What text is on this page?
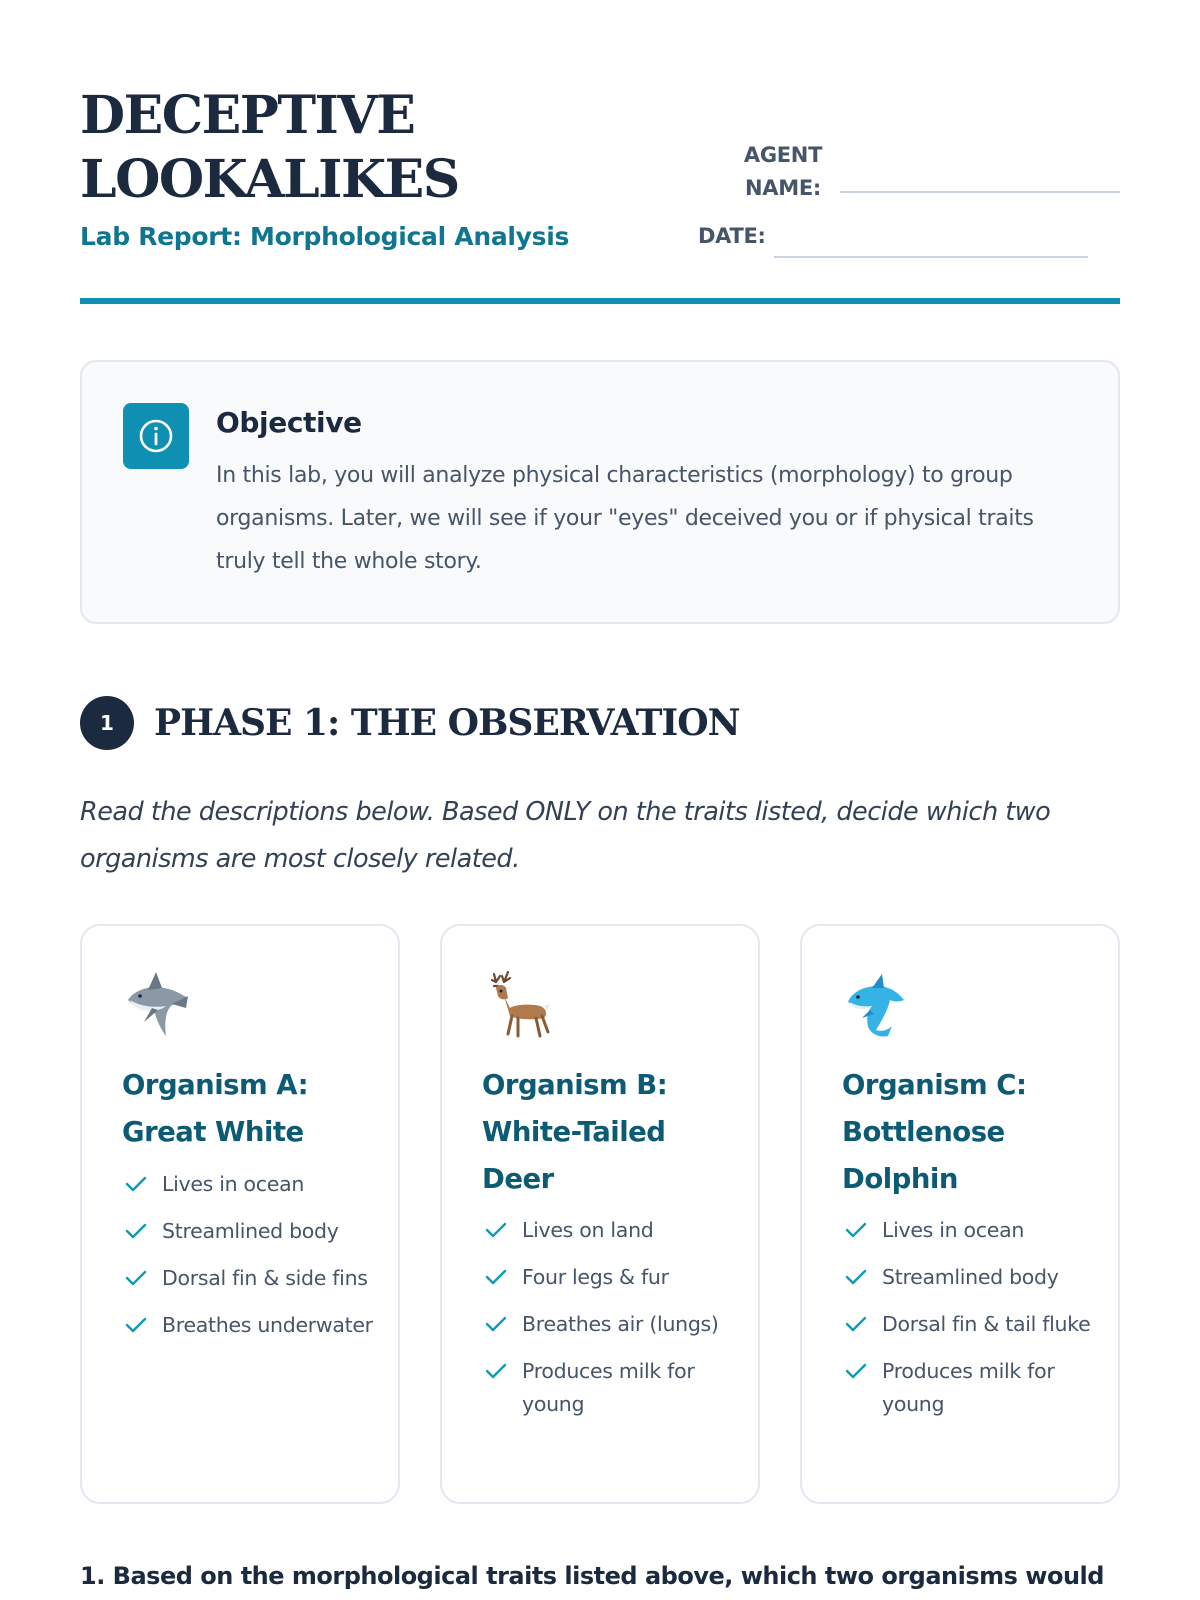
DECEPTIVE
LOOKALIKES
Lab Report: Morphological Analysis
AGENT
NAME:
DATE:
Objective

In this lab, you will analyze physical characteristics (morphology) to group organisms. Later, we will see if your "eyes" deceived you or if physical traits truly tell the whole story.

1	PHASE 1: THE OBSERVATION

Read the descriptions below. Based ONLY on the traits listed, decide which two organisms are most closely related.

Organism A:
Great White
Lives in ocean
Streamlined body
Dorsal fin & side fins
Breathes underwater
Organism B:
White-Tailed
Deer
Lives on land
Four legs & fur
Breathes air (lungs)
Produces milk for young
Organism C:
Bottlenose
Dolphin
Lives in ocean
Streamlined body
Dorsal fin & tail fluke
Produces milk for young

1. Based on the morphological traits listed above, which two organisms would
